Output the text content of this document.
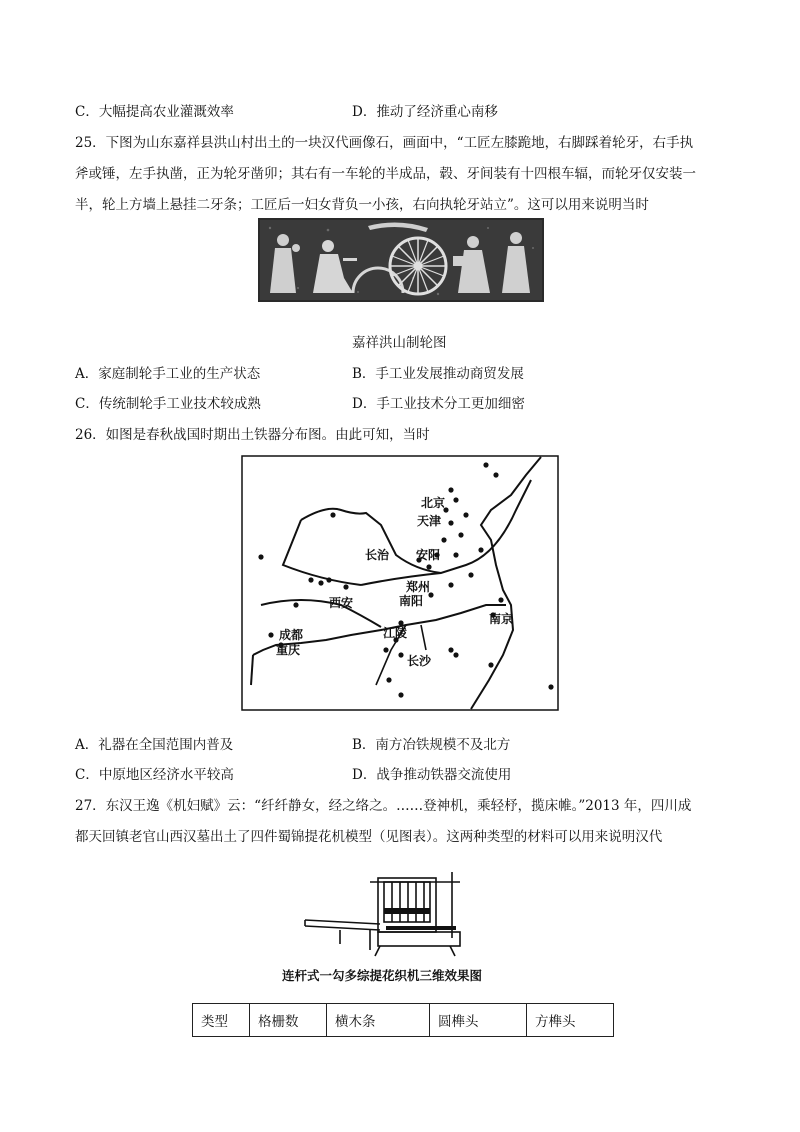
C．大幅提高农业灌溉效率	D．推动了经济重心南移
25．下图为山东嘉祥县洪山村出土的一块汉代画像石，画面中，“工匠左膝跪地，右脚踩着轮牙，右手执
斧或锤，左手执凿，正为轮牙凿卯；其右有一车轮的半成品，毂、牙间装有十四根车辐，而轮牙仅安装一
半，轮上方墙上悬挂二牙条；工匠后一妇女背负一小孩，右向执轮牙站立”。这可以用来说明当时
嘉祥洪山制轮图
A．家庭制轮手工业的生产状态	B．手工业发展推动商贸发展
C．传统制轮手工业技术较成熟	D．手工业技术分工更加细密
26．如图是春秋战国时期出土铁器分布图。由此可知，当时
北京
天津
长治 安阳
郑州
南阳
西安
南京
成都
重庆
江陵
长沙
A．礼器在全国范围内普及	B．南方冶铁规模不及北方
C．中原地区经济水平较高	D．战争推动铁器交流使用
27．东汉王逸《机妇赋》云：“纤纤静女，经之络之。……登神机，乘轻杼，揽床帷。”2013 年，四川成
都天回镇老官山西汉墓出土了四件蜀锦提花机模型（见图表）。这两种类型的材料可以用来说明汉代
连杆式一勾多综提花织机三维效果图
类型	格栅数	横木条	圆榫头	方榫头
